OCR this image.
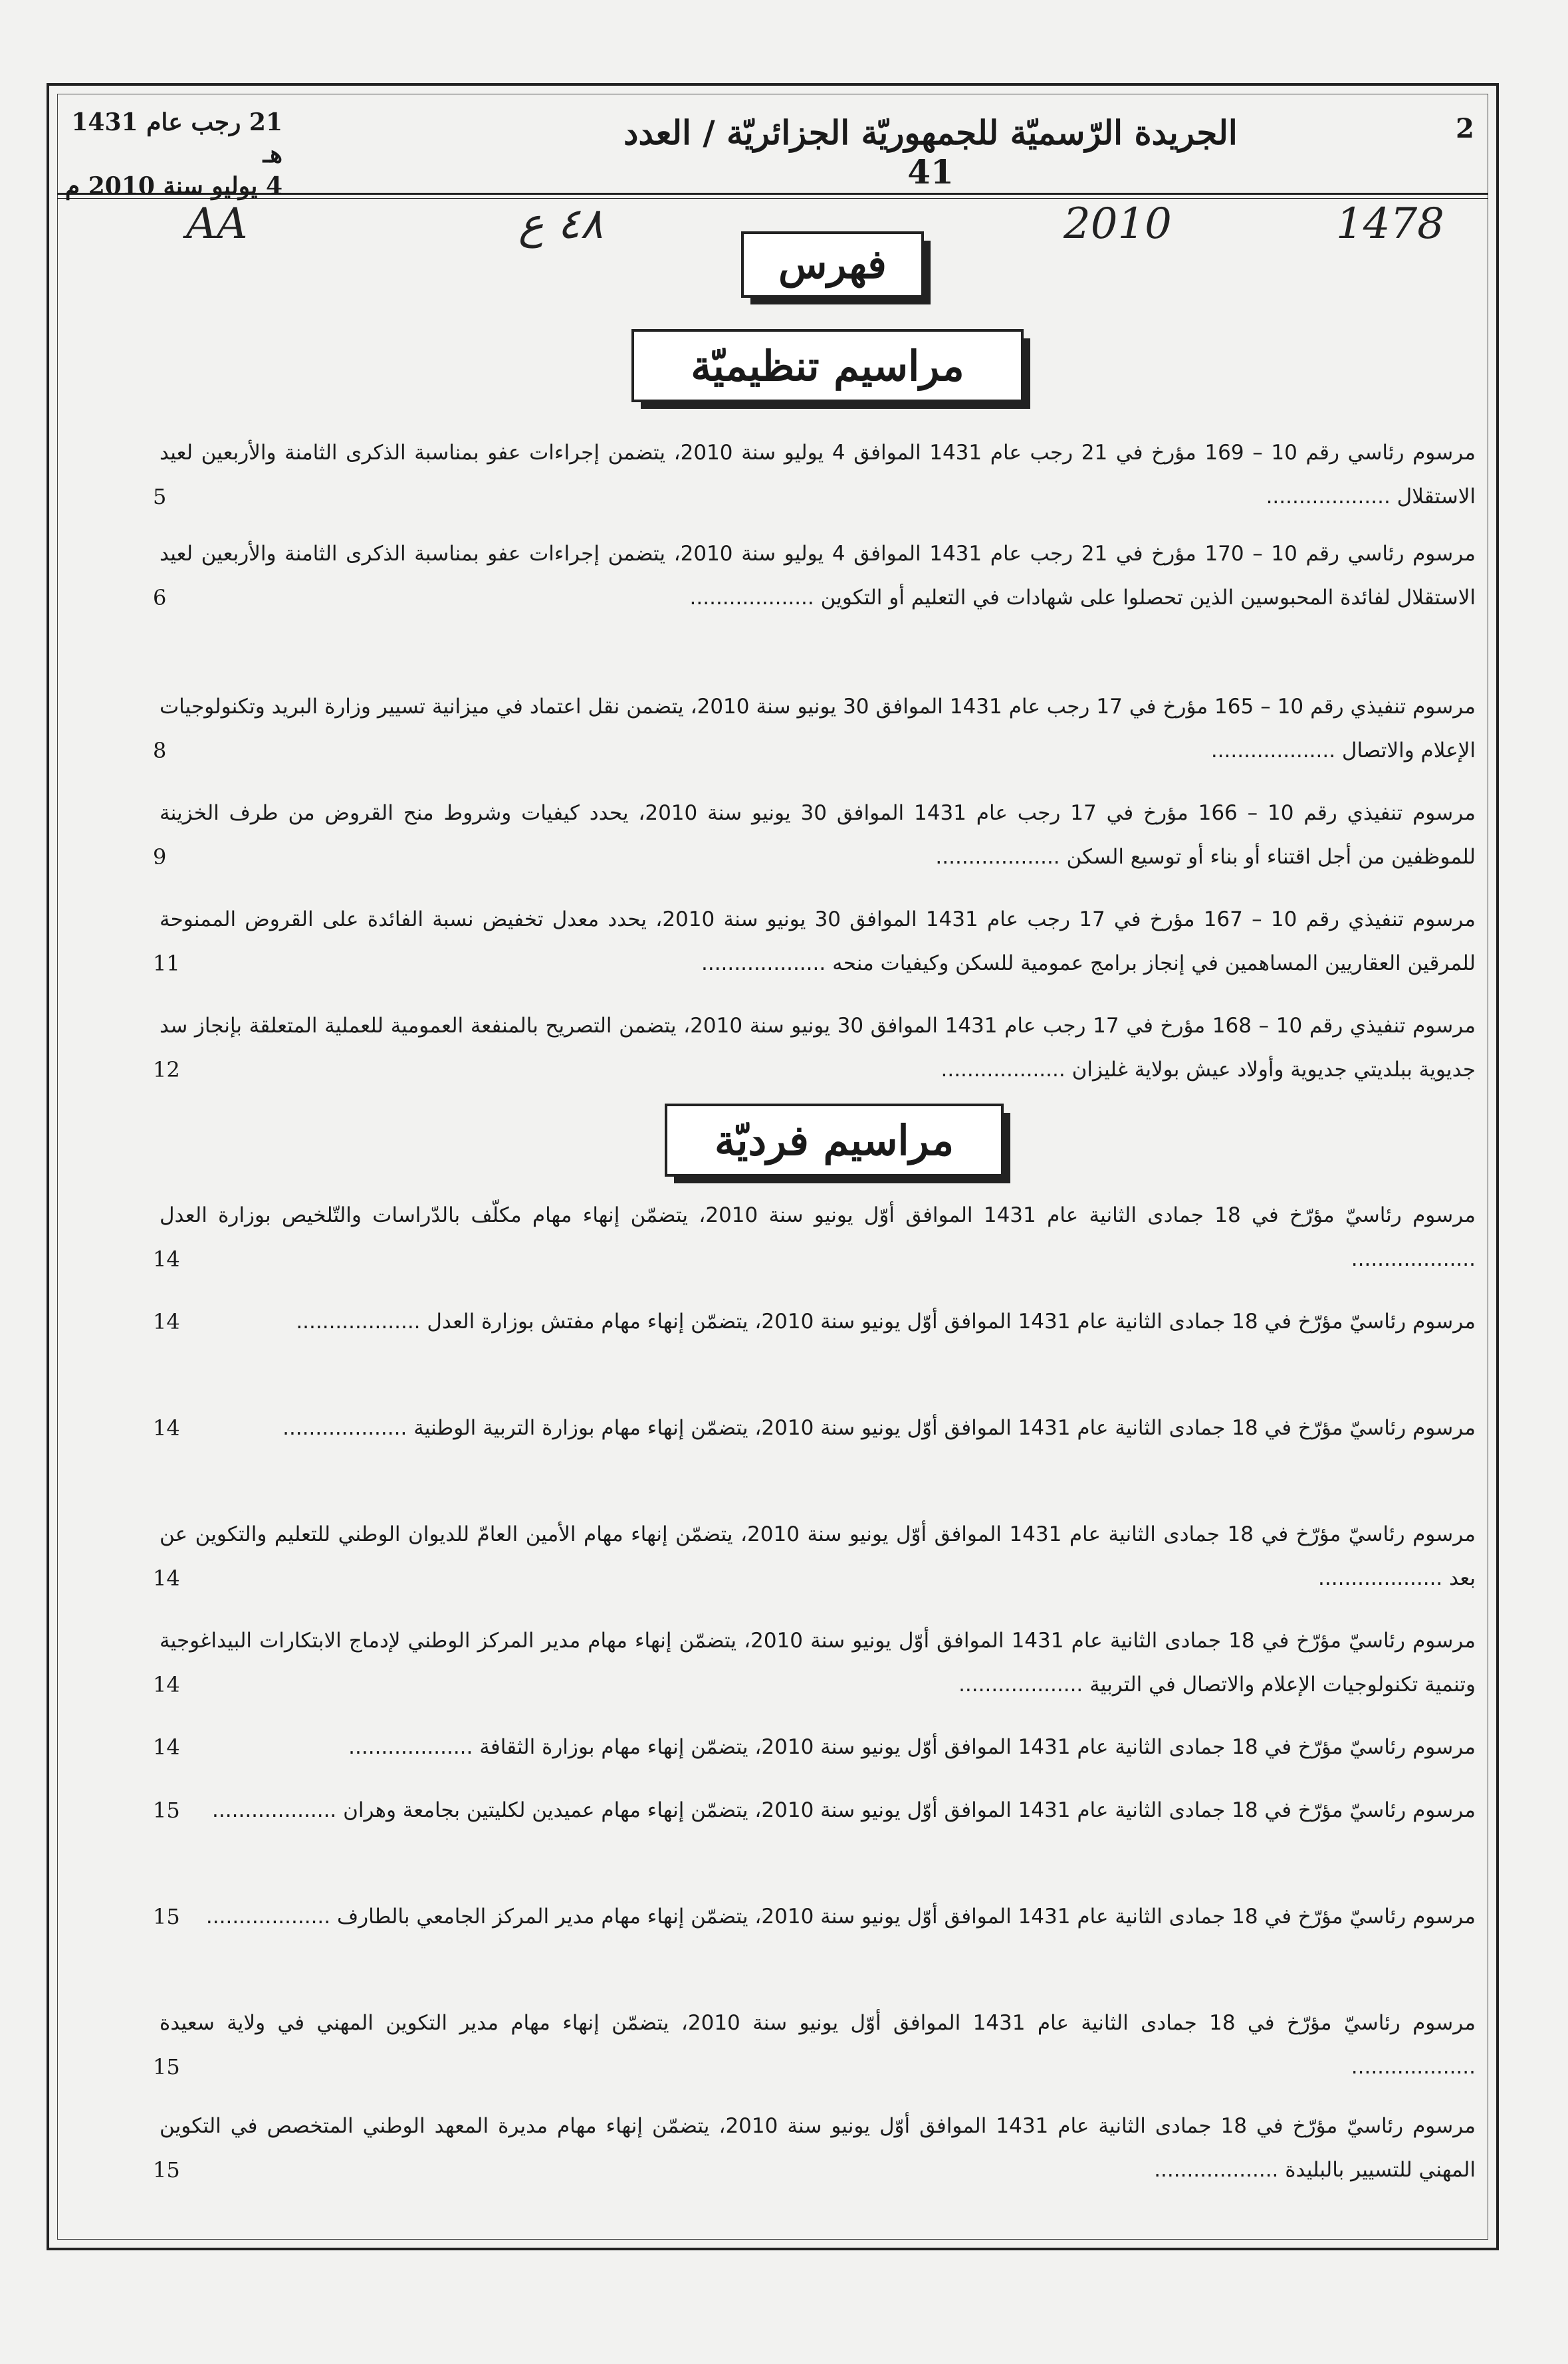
2
الجريدة الرّسميّة للجمهوريّة الجزائريّة / العدد 41
21 رجب عام 1431 هـ
4 يوليو سنة 2010 م
AA	٤٨ ع	2010	1478
فهرس
مراسيم تنظيميّة
مرسوم رئاسي رقم 10 – 169 مؤرخ في 21 رجب عام 1431 الموافق 4 يوليو سنة 2010، يتضمن إجراءات عفو بمناسبة الذكرى الثامنة والأربعين لعيد الاستقلال .....
5
مرسوم رئاسي رقم 10 – 170 مؤرخ في 21 رجب عام 1431 الموافق 4 يوليو سنة 2010، يتضمن إجراءات عفو بمناسبة الذكرى الثامنة والأربعين لعيد الاستقلال لفائدة المحبوسين الذين تحصلوا على شهادات في التعليم أو التكوين .....
6
مرسوم تنفيذي رقم 10 – 165 مؤرخ في 17 رجب عام 1431 الموافق 30 يونيو سنة 2010، يتضمن نقل اعتماد في ميزانية تسيير وزارة البريد وتكنولوجيات الإعلام والاتصال .....
8
مرسوم تنفيذي رقم 10 – 166 مؤرخ في 17 رجب عام 1431 الموافق 30 يونيو سنة 2010، يحدد كيفيات وشروط منح القروض من طرف الخزينة للموظفين من أجل اقتناء أو بناء أو توسيع السكن .....
9
مرسوم تنفيذي رقم 10 – 167 مؤرخ في 17 رجب عام 1431 الموافق 30 يونيو سنة 2010، يحدد معدل تخفيض نسبة الفائدة على القروض الممنوحة للمرقين العقاريين المساهمين في إنجاز برامج عمومية للسكن وكيفيات منحه .....
11
مرسوم تنفيذي رقم 10 – 168 مؤرخ في 17 رجب عام 1431 الموافق 30 يونيو سنة 2010، يتضمن التصريح بالمنفعة العمومية للعملية المتعلقة بإنجاز سد جديوية ببلديتي جديوية وأولاد عيش بولاية غليزان .....
12
مراسيم فرديّة
مرسوم رئاسيّ مؤرّخ في 18 جمادى الثانية عام 1431 الموافق أوّل يونيو سنة 2010، يتضمّن إنهاء مهام مكلّف بالدّراسات والتّلخيص بوزارة العدل .....
14
مرسوم رئاسيّ مؤرّخ في 18 جمادى الثانية عام 1431 الموافق أوّل يونيو سنة 2010، يتضمّن إنهاء مهام مفتش بوزارة العدل .....
14
مرسوم رئاسيّ مؤرّخ في 18 جمادى الثانية عام 1431 الموافق أوّل يونيو سنة 2010، يتضمّن إنهاء مهام بوزارة التربية الوطنية .....
14
مرسوم رئاسيّ مؤرّخ في 18 جمادى الثانية عام 1431 الموافق أوّل يونيو سنة 2010، يتضمّن إنهاء مهام الأمين العامّ للديوان الوطني للتعليم والتكوين عن بعد .....
14
مرسوم رئاسيّ مؤرّخ في 18 جمادى الثانية عام 1431 الموافق أوّل يونيو سنة 2010، يتضمّن إنهاء مهام مدير المركز الوطني لإدماج الابتكارات البيداغوجية وتنمية تكنولوجيات الإعلام والاتصال في التربية .....
14
مرسوم رئاسيّ مؤرّخ في 18 جمادى الثانية عام 1431 الموافق أوّل يونيو سنة 2010، يتضمّن إنهاء مهام بوزارة الثقافة .....
14
مرسوم رئاسيّ مؤرّخ في 18 جمادى الثانية عام 1431 الموافق أوّل يونيو سنة 2010، يتضمّن إنهاء مهام عميدين لكليتين بجامعة وهران .....
15
مرسوم رئاسيّ مؤرّخ في 18 جمادى الثانية عام 1431 الموافق أوّل يونيو سنة 2010، يتضمّن إنهاء مهام مدير المركز الجامعي بالطارف .....
15
مرسوم رئاسيّ مؤرّخ في 18 جمادى الثانية عام 1431 الموافق أوّل يونيو سنة 2010، يتضمّن إنهاء مهام مدير التكوين المهني في ولاية سعيدة .....
15
مرسوم رئاسيّ مؤرّخ في 18 جمادى الثانية عام 1431 الموافق أوّل يونيو سنة 2010، يتضمّن إنهاء مهام مديرة المعهد الوطني المتخصص في التكوين المهني للتسيير بالبليدة .....
15
